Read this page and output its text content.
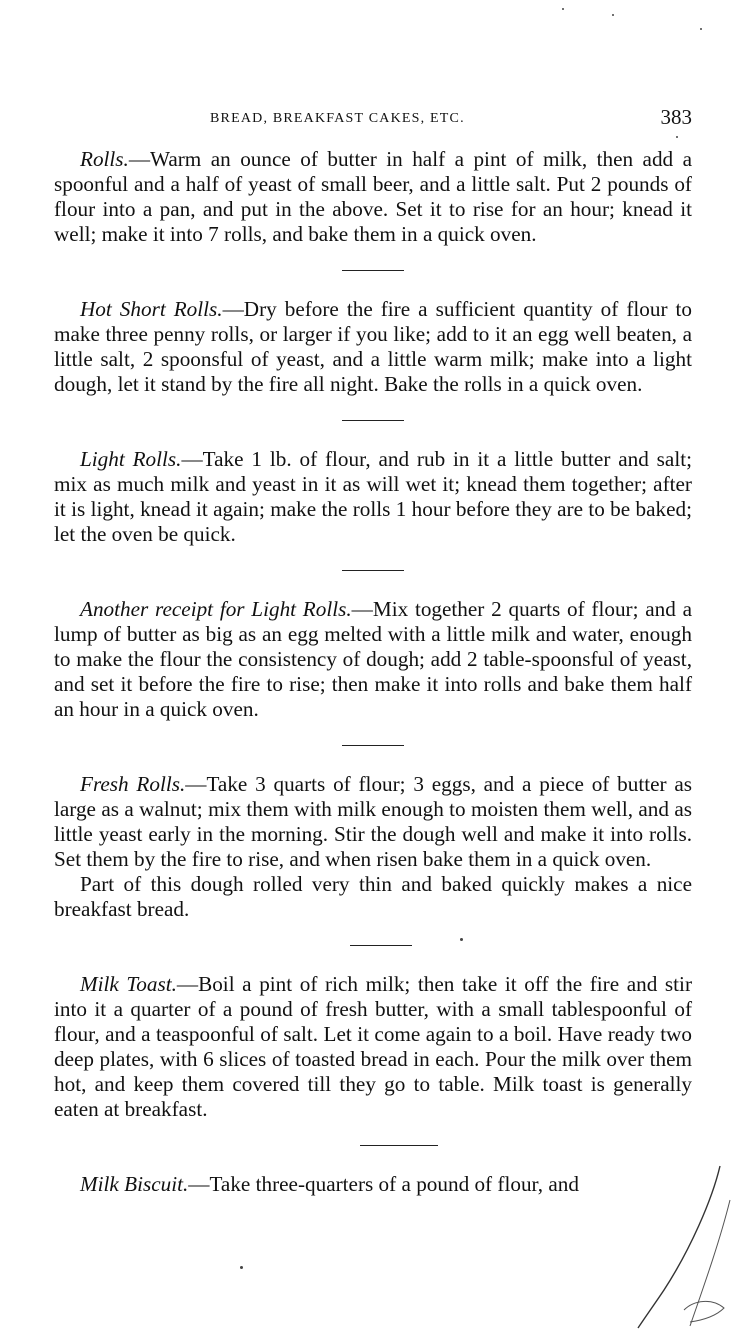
BREAD, BREAKFAST CAKES, ETC.	383

Rolls.—Warm an ounce of butter in half a pint of milk, then add a spoonful and a half of yeast of small beer, and a little salt. Put 2 pounds of flour into a pan, and put in the above. Set it to rise for an hour; knead it well; make it into 7 rolls, and bake them in a quick oven.

Hot Short Rolls.—Dry before the fire a sufficient quantity of flour to make three penny rolls, or larger if you like; add to it an egg well beaten, a little salt, 2 spoonsful of yeast, and a little warm milk; make into a light dough, let it stand by the fire all night. Bake the rolls in a quick oven.

Light Rolls.—Take 1 lb. of flour, and rub in it a little butter and salt; mix as much milk and yeast in it as will wet it; knead them together; after it is light, knead it again; make the rolls 1 hour before they are to be baked; let the oven be quick.

Another receipt for Light Rolls.—Mix together 2 quarts of flour; and a lump of butter as big as an egg melted with a little milk and water, enough to make the flour the consistency of dough; add 2 table-spoonsful of yeast, and set it before the fire to rise; then make it into rolls and bake them half an hour in a quick oven.

Fresh Rolls.—Take 3 quarts of flour; 3 eggs, and a piece of butter as large as a walnut; mix them with milk enough to moisten them well, and as little yeast early in the morning. Stir the dough well and make it into rolls. Set them by the fire to rise, and when risen bake them in a quick oven.

Part of this dough rolled very thin and baked quickly makes a nice breakfast bread.

Milk Toast.—Boil a pint of rich milk; then take it off the fire and stir into it a quarter of a pound of fresh butter, with a small tablespoonful of flour, and a teaspoonful of salt. Let it come again to a boil. Have ready two deep plates, with 6 slices of toasted bread in each. Pour the milk over them hot, and keep them covered till they go to table. Milk toast is generally eaten at breakfast.

Milk Biscuit.—Take three-quarters of a pound of flour, and
